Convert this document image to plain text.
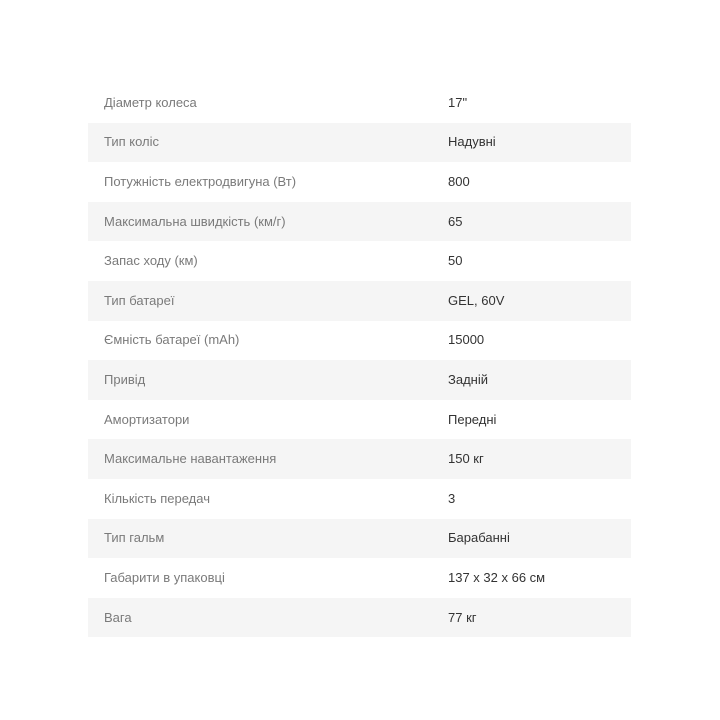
Діаметр колеса	17"
Тип коліс	Надувні
Потужність електродвигуна (Вт)	800
Максимальна швидкість (км/г)	65
Запас ходу (км)	50
Тип батареї	GEL, 60V
Ємність батареї (mAh)	15000
Привід	Задній
Амортизатори	Передні
Максимальне навантаження	150 кг
Кількість передач	3
Тип гальм	Барабанні
Габарити в упаковці	137 х 32 х 66 см
Вага	77 кг
